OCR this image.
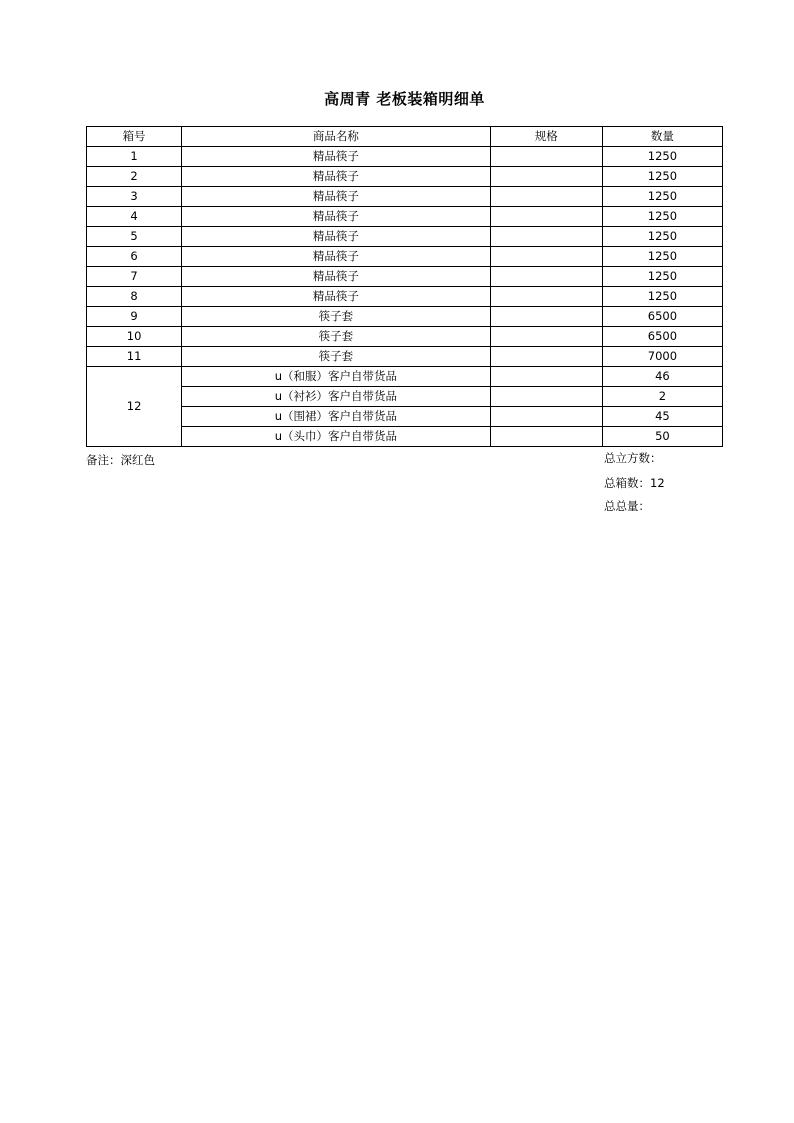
高周青 老板装箱明细单
箱号	商品名称	规格	数量
1	精品筷子		1250
2	精品筷子		1250
3	精品筷子		1250
4	精品筷子		1250
5	精品筷子		1250
6	精品筷子		1250
7	精品筷子		1250
8	精品筷子		1250
9	筷子套		6500
10	筷子套		6500
11	筷子套		7000
12	u（和服）客户自带货品		46
	u（衬衫）客户自带货品		2
	u（围裙）客户自带货品		45
	u（头巾）客户自带货品		50
备注：深红色	总立方数：
总箱数：12
总总量：
